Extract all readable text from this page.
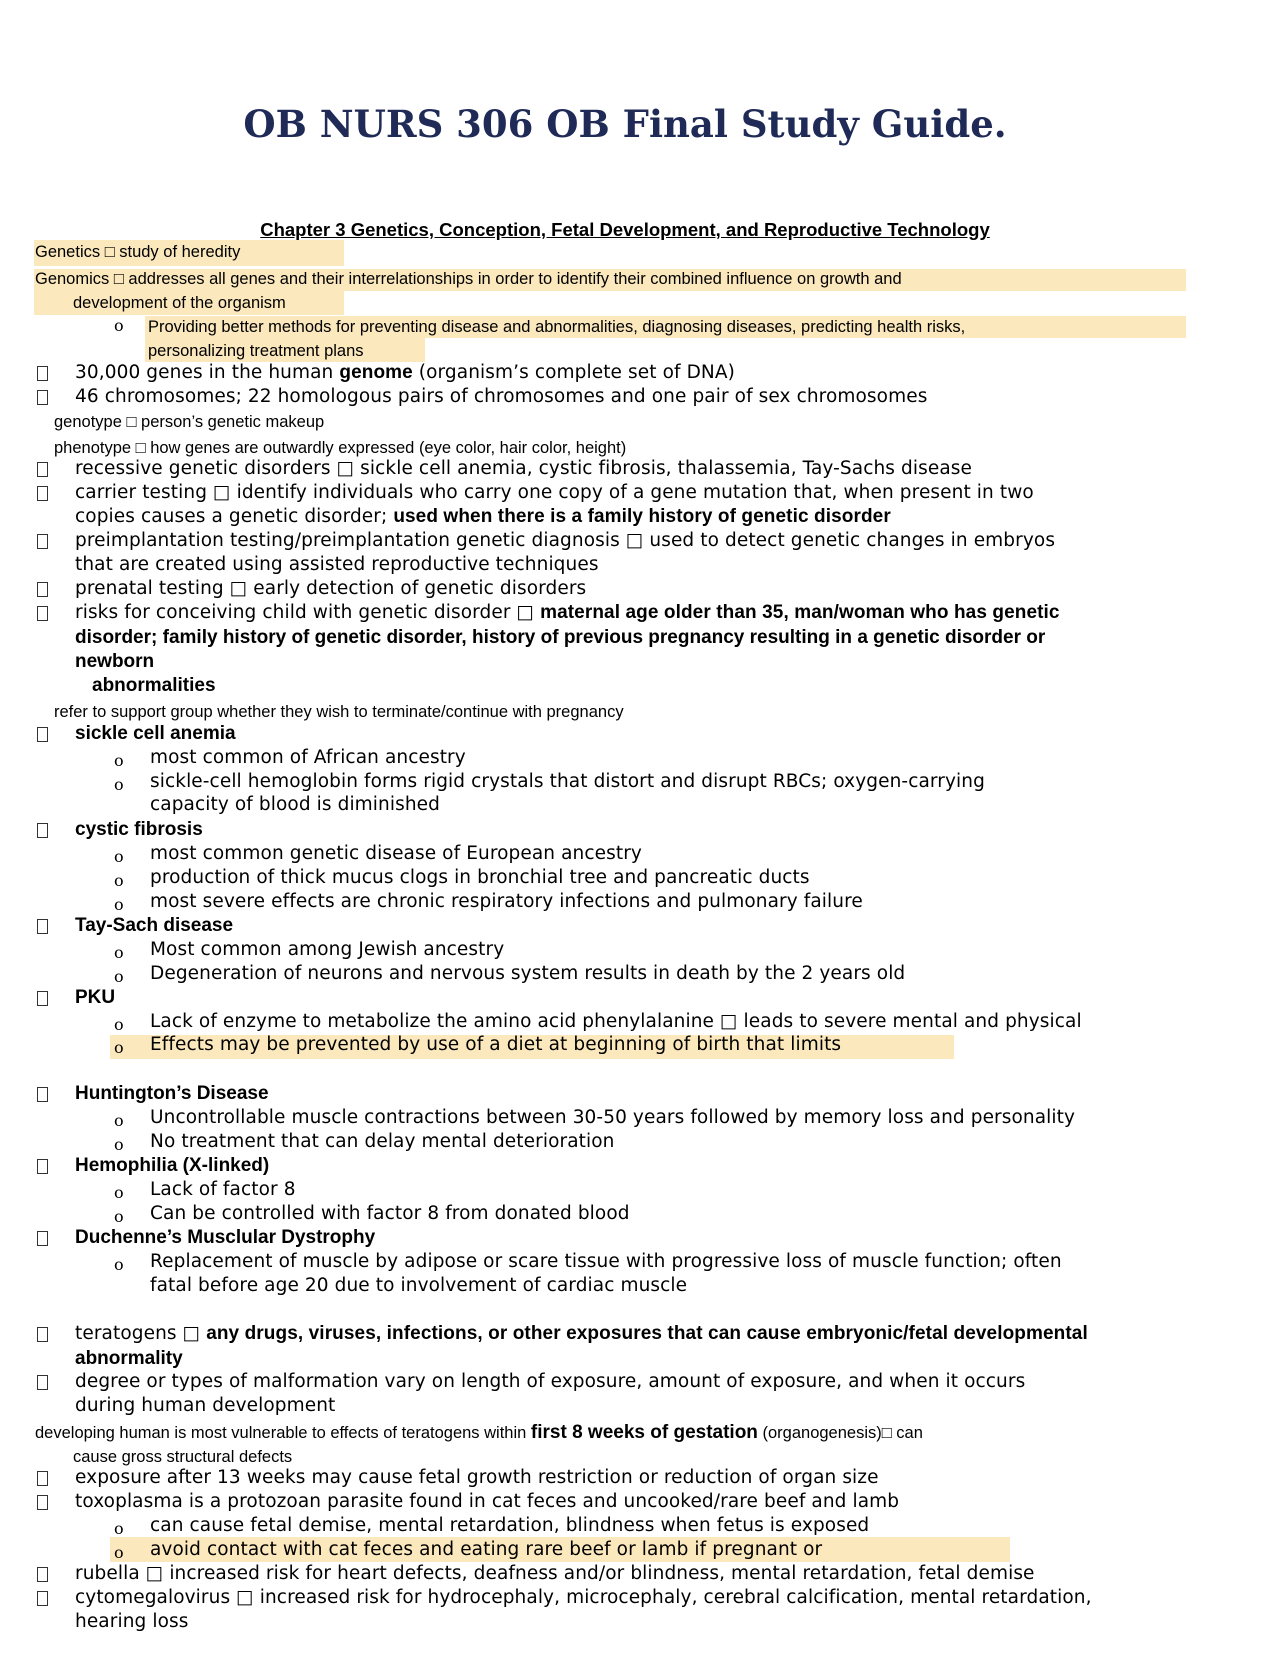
OB NURS 306 OB Final Study Guide.
Chapter 3 Genetics, Conception, Fetal Development, and Reproductive Technology
Genetics □ study of heredity
Genomics □ addresses all genes and their interrelationships in order to identify their combined influence on growth and
development of the organism
o Providing better methods for preventing disease and abnormalities, diagnosing diseases, predicting health risks,
personalizing treatment plans
30,000 genes in the human genome (organism’s complete set of DNA)
46 chromosomes; 22 homologous pairs of chromosomes and one pair of sex chromosomes
genotype □ person’s genetic makeup
phenotype □ how genes are outwardly expressed (eye color, hair color, height)
recessive genetic disorders □ sickle cell anemia, cystic fibrosis, thalassemia, Tay-Sachs disease
carrier testing □ identify individuals who carry one copy of a gene mutation that, when present in two
copies causes a genetic disorder; used when there is a family history of genetic disorder
preimplantation testing/preimplantation genetic diagnosis □ used to detect genetic changes in embryos
that are created using assisted reproductive techniques
prenatal testing □ early detection of genetic disorders
risks for conceiving child with genetic disorder □ maternal age older than 35, man/woman who has genetic
disorder; family history of genetic disorder, history of previous pregnancy resulting in a genetic disorder or
newborn
abnormalities
refer to support group whether they wish to terminate/continue with pregnancy
sickle cell anemia
o most common of African ancestry
o sickle-cell hemoglobin forms rigid crystals that distort and disrupt RBCs; oxygen-carrying
capacity of blood is diminished
cystic fibrosis
o most common genetic disease of European ancestry
o production of thick mucus clogs in bronchial tree and pancreatic ducts
o most severe effects are chronic respiratory infections and pulmonary failure
Tay-Sach disease
o Most common among Jewish ancestry
o Degeneration of neurons and nervous system results in death by the 2 years old
PKU
o Lack of enzyme to metabolize the amino acid phenylalanine □ leads to severe mental and physical
o Effects may be prevented by use of a diet at beginning of birth that limits
Huntington’s Disease
o Uncontrollable muscle contractions between 30-50 years followed by memory loss and personality
o No treatment that can delay mental deterioration
Hemophilia (X-linked)
o Lack of factor 8
o Can be controlled with factor 8 from donated blood
Duchenne’s Musclular Dystrophy
o Replacement of muscle by adipose or scare tissue with progressive loss of muscle function; often
fatal before age 20 due to involvement of cardiac muscle
teratogens □ any drugs, viruses, infections, or other exposures that can cause embryonic/fetal developmental
abnormality
degree or types of malformation vary on length of exposure, amount of exposure, and when it occurs
during human development
developing human is most vulnerable to effects of teratogens within first 8 weeks of gestation (organogenesis)□ can
cause gross structural defects
exposure after 13 weeks may cause fetal growth restriction or reduction of organ size
toxoplasma is a protozoan parasite found in cat feces and uncooked/rare beef and lamb
o can cause fetal demise, mental retardation, blindness when fetus is exposed
o avoid contact with cat feces and eating rare beef or lamb if pregnant or
rubella □ increased risk for heart defects, deafness and/or blindness, mental retardation, fetal demise
cytomegalovirus □ increased risk for hydrocephaly, microcephaly, cerebral calcification, mental retardation,
hearing loss
